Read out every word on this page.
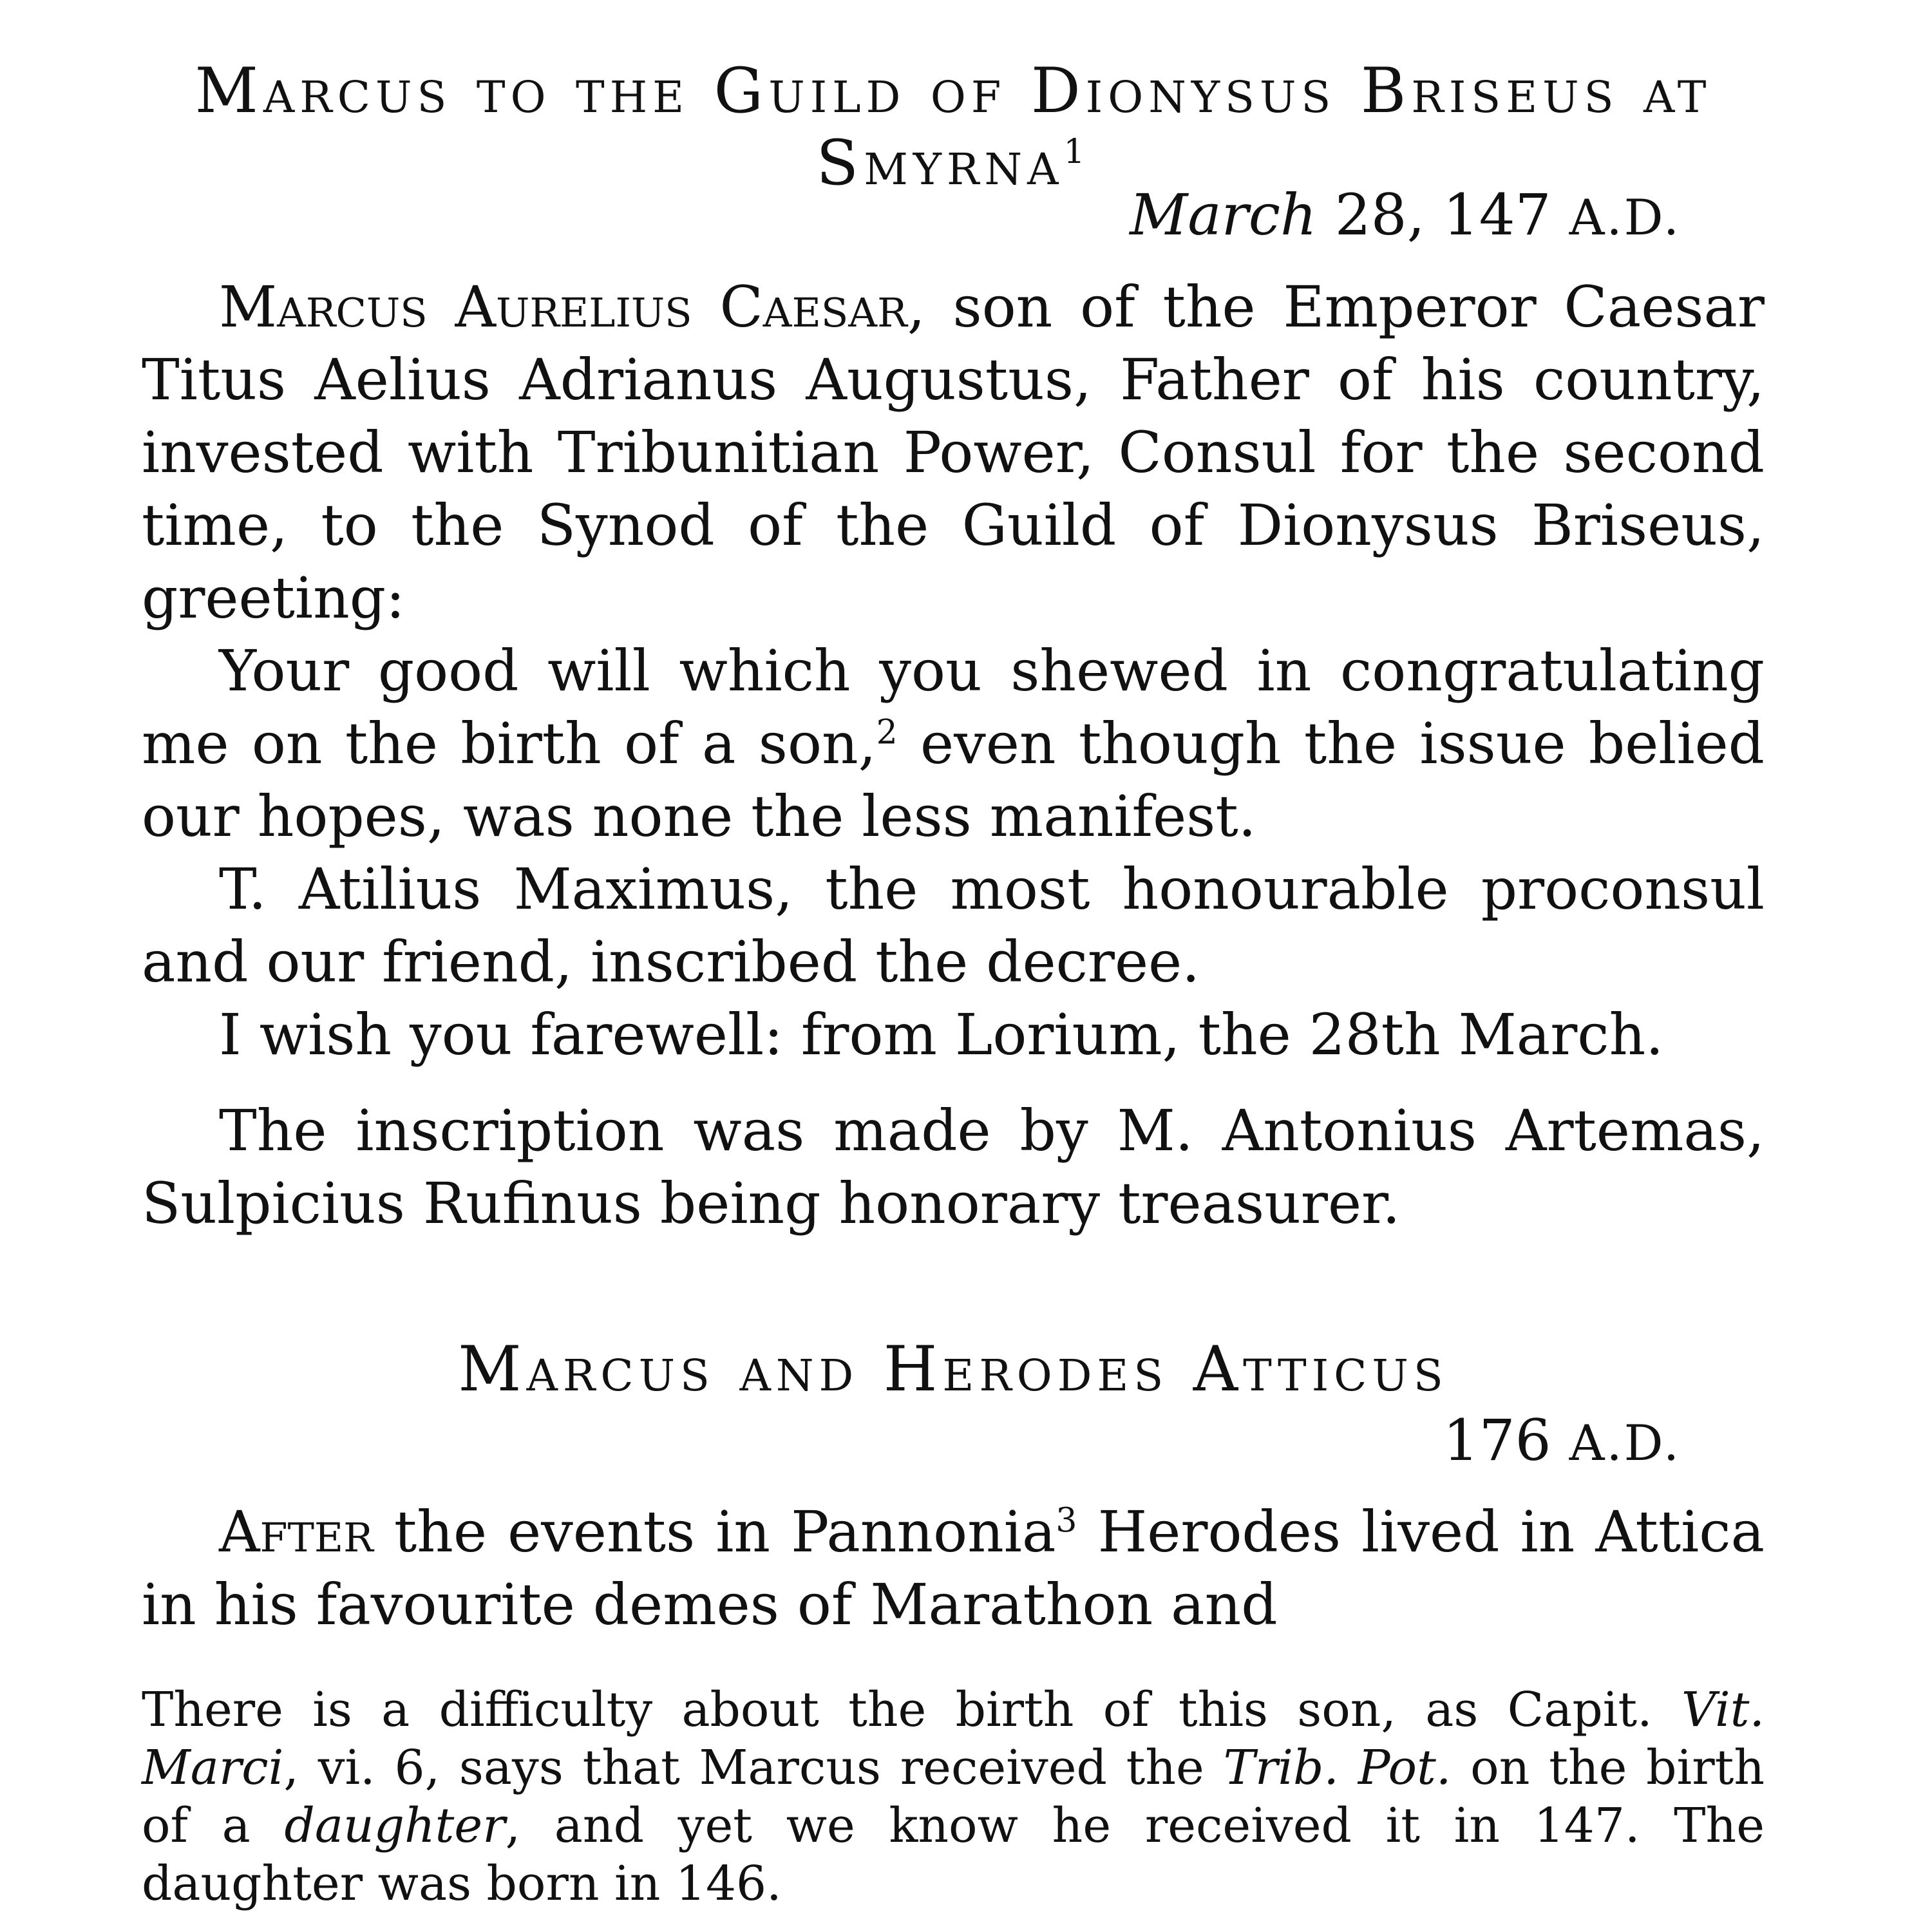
Marcus to the Guild of Dionysus Briseus at

Smyrna$^1$

March 28, 147 A.D.

Marcus Aurelius Caesar, son of the Emperor Caesar Titus Aelius Adrianus Augustus, Father of his country, invested with Tribunitian Power, Consul for the second time, to the Synod of the Guild of Dionysus Briseus, greeting:

Your good will which you shewed in congratulating me on the birth of a son,$^2$ even though the issue belied our hopes, was none the less manifest.

T. Atilius Maximus, the most honourable proconsul and our friend, inscribed the decree.

I wish you farewell: from Lorium, the 28th March.

The inscription was made by M. Antonius Artemas, Sulpicius Rufinus being honorary treasurer.

Marcus and Herodes Atticus

176 A.D.

After the events in Pannonia$^3$ Herodes lived in Attica in his favourite demes of Marathon and

There is a difficulty about the birth of this son, as Capit. Vit. Marci, vi. 6, says that Marcus received the Trib. Pot. on the birth of a daughter, and yet we know he received it in 147. The daughter was born in 146.
